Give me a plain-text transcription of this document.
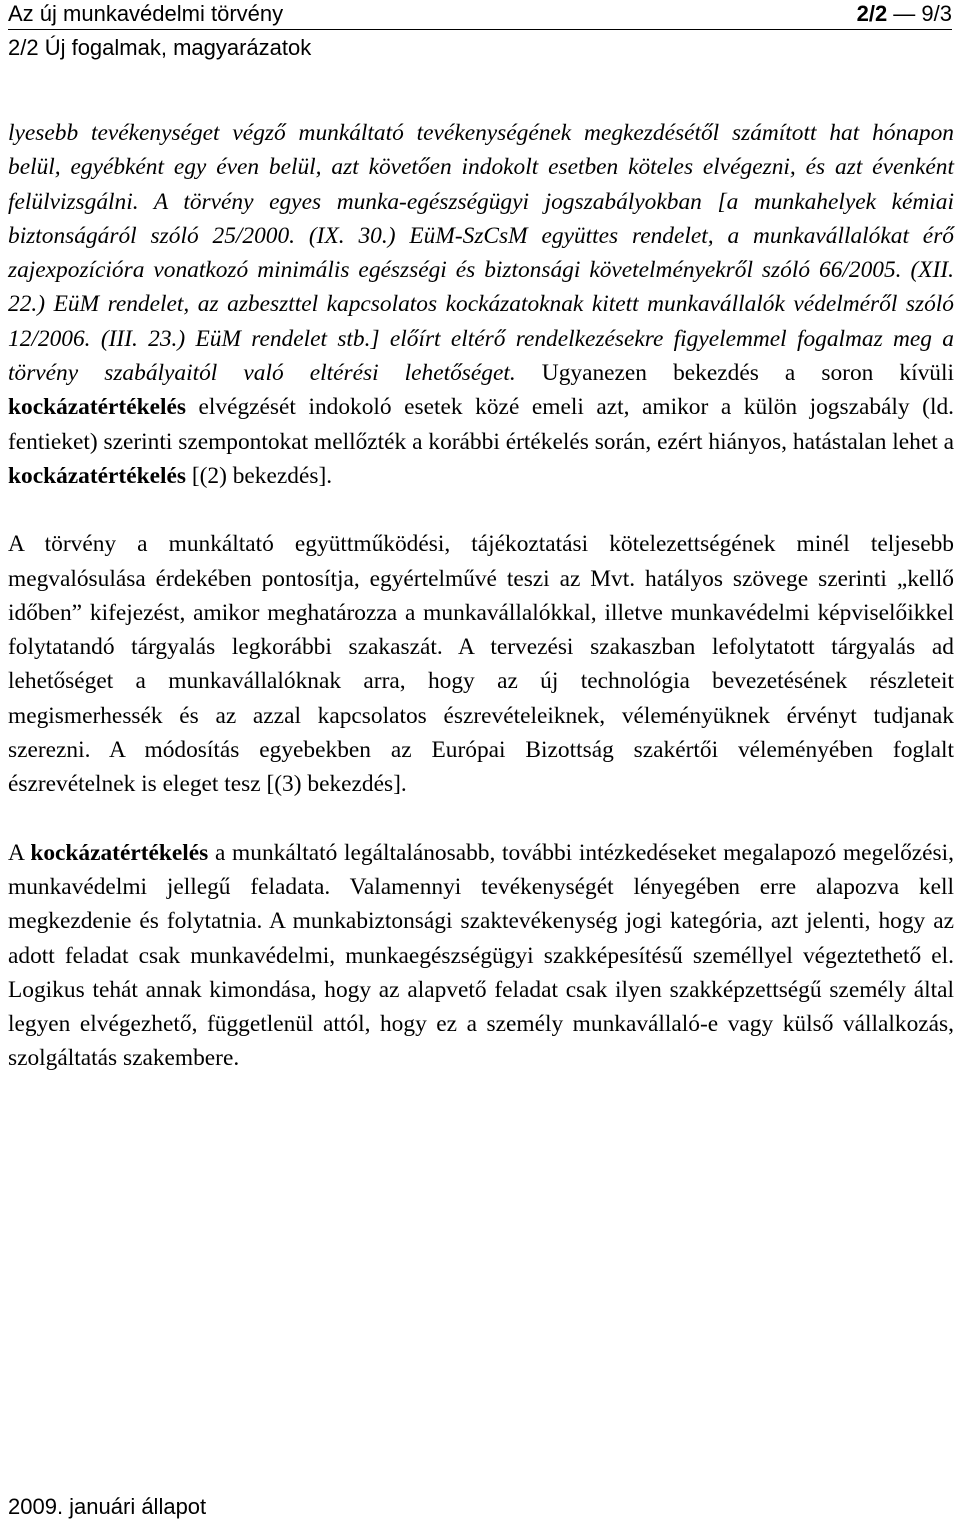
Az új munkavédelmi törvény	2/2 — 9/3
2/2 Új fogalmak, magyarázatok

lyesebb tevékenységet végző munkáltató tevékenységének megkezdésétől számított hat hónapon belül, egyébként egy éven belül, azt követően indokolt esetben köteles elvégezni, és azt évenként felülvizsgálni. A törvény egyes munka-egészségügyi jogszabályokban [a munkahelyek kémiai biztonságáról szóló 25/2000. (IX. 30.) EüM-SzCsM együttes rendelet, a munkavállalókat érő zajexpozícióra vonatkozó minimális egészségi és biztonsági követelményekről szóló 66/2005. (XII. 22.) EüM rendelet, az azbeszttel kapcsolatos kockázatoknak kitett munkavállalók védelméről szóló 12/2006. (III. 23.) EüM rendelet stb.] előírt eltérő rendelkezésekre figyelemmel fogalmaz meg a törvény szabályaitól való eltérési lehetőséget. Ugyanezen bekezdés a soron kívüli kockázatértékelés elvégzését indokoló esetek közé emeli azt, amikor a külön jogszabály (ld. fentieket) szerinti szempontokat mellőzték a korábbi értékelés során, ezért hiányos, hatástalan lehet a kockázatértékelés [(2) bekezdés].

A törvény a munkáltató együttműködési, tájékoztatási kötelezettségének minél teljesebb megvalósulása érdekében pontosítja, egyértelművé teszi az Mvt. hatályos szövege szerinti „kellő időben” kifejezést, amikor meghatározza a munkavállalókkal, illetve munkavédelmi képviselőikkel folytatandó tárgyalás legkorábbi szakaszát. A tervezési szakaszban lefolytatott tárgyalás ad lehetőséget a munkavállalóknak arra, hogy az új technológia bevezetésének részleteit megismerhessék és az azzal kapcsolatos észrevételeiknek, véleményüknek érvényt tudjanak szerezni. A módosítás egyebekben az Európai Bizottság szakértői véleményében foglalt észrevételnek is eleget tesz [(3) bekezdés].

A kockázatértékelés a munkáltató legáltalánosabb, további intézkedéseket megalapozó megelőzési, munkavédelmi jellegű feladata. Valamennyi tevékenységét lényegében erre alapozva kell megkezdenie és folytatnia. A munkabiztonsági szaktevékenység jogi kategória, azt jelenti, hogy az adott feladat csak munkavédelmi, munkaegészségügyi szakképesítésű személlyel végeztethető el. Logikus tehát annak kimondása, hogy az alapvető feladat csak ilyen szakképzettségű személy által legyen elvégezhető, függetlenül attól, hogy ez a személy munkavállaló-e vagy külső vállalkozás, szolgáltatás szakembere.

2009. januári állapot
